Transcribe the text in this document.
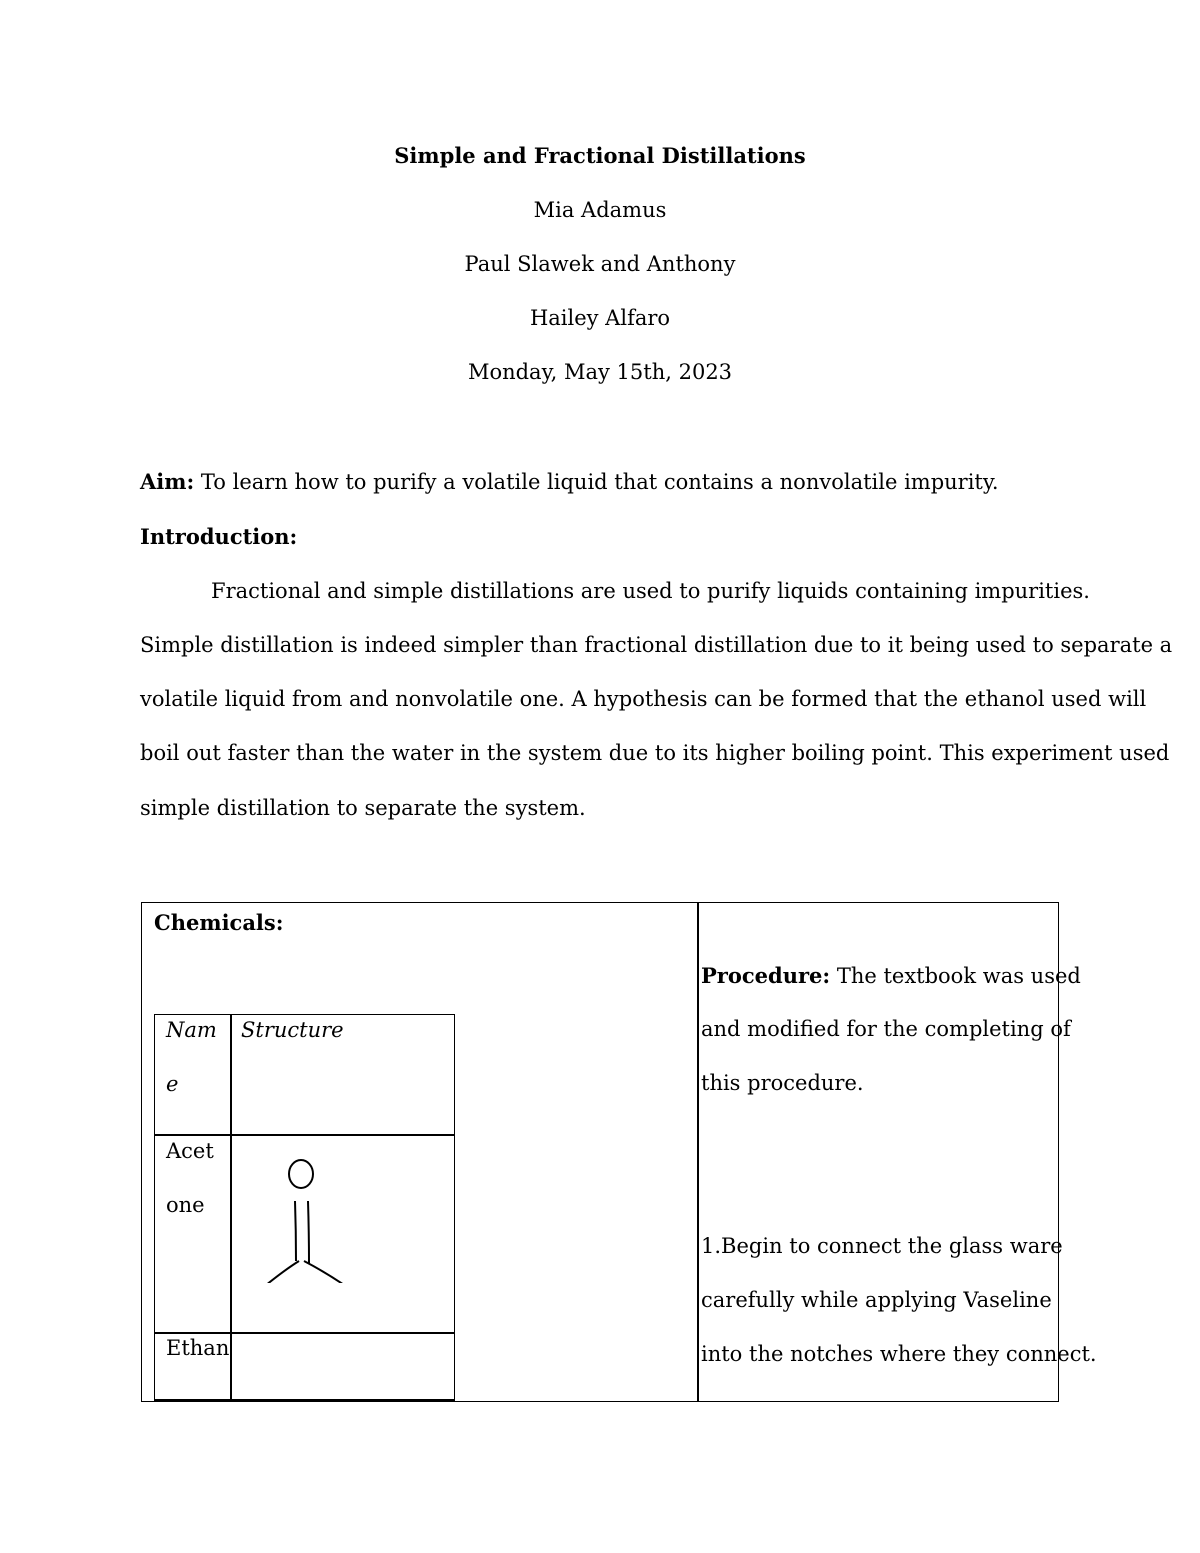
Simple and Fractional Distillations
Mia Adamus
Paul Slawek and Anthony
Hailey Alfaro
Monday, May 15th, 2023
Aim: To learn how to purify a volatile liquid that contains a nonvolatile impurity.
Introduction:
Fractional and simple distillations are used to purify liquids containing impurities.
Simple distillation is indeed simpler than fractional distillation due to it being used to separate a
volatile liquid from and nonvolatile one. A hypothesis can be formed that the ethanol used will
boil out faster than the water in the system due to its higher boiling point. This experiment used
simple distillation to separate the system.
Chemicals:
Nam
e
Structure
Acet
one
Ethan
Procedure: The textbook was used
and modified for the completing of
this procedure.
1.Begin to connect the glass ware
carefully while applying Vaseline
into the notches where they connect.
